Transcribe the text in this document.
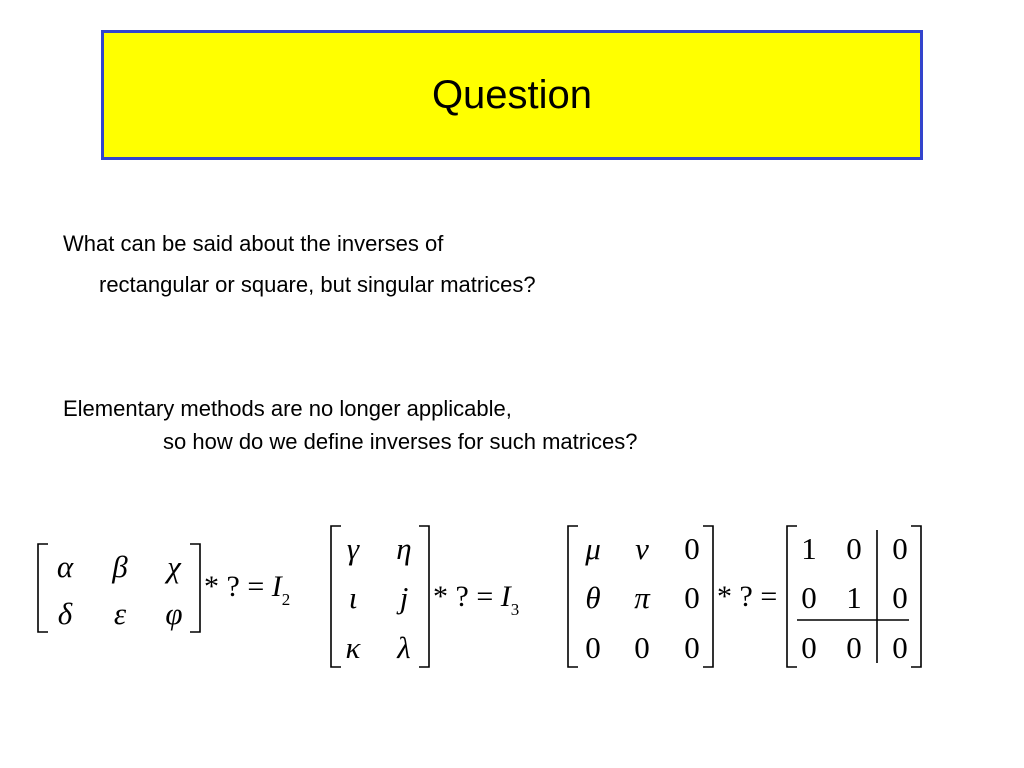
Question
What can be said about the inverses of
rectangular or square, but singular matrices?
Elementary methods are no longer applicable,
so how do we define inverses for such matrices?
α β χ
δ ε φ
* ? = $I_2$
γ η
ι j
κ λ
* ? = $I_3$
μ ν 0
θ π 0
0 0 0
* ? =
1 0 0
0 1 0
0 0 0
